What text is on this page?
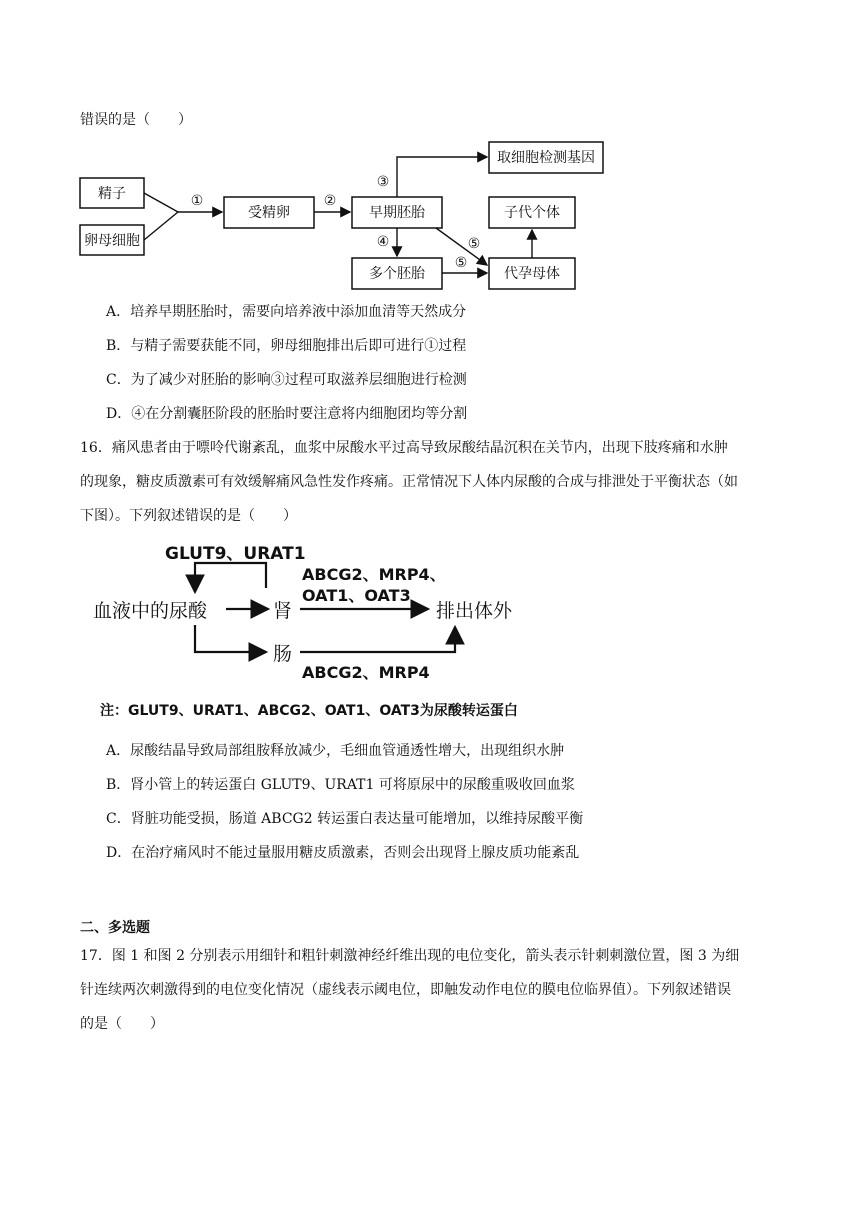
错误的是（　　）
精子
卵母细胞
受精卵	早期胚胎
取细胞检测基因
多个胚胎
子代个体
代孕母体
①	②
③
④	⑤
⑤
A．培养早期胚胎时，需要向培养液中添加血清等天然成分
B．与精子需要获能不同，卵母细胞排出后即可进行①过程
C．为了减少对胚胎的影响③过程可取滋养层细胞进行检测
D．④在分割囊胚阶段的胚胎时要注意将内细胞团均等分割
16．痛风患者由于嘌呤代谢紊乱，血浆中尿酸水平过高导致尿酸结晶沉积在关节内，出现下肢疼痛和水肿
的现象，糖皮质激素可有效缓解痛风急性发作疼痛。正常情况下人体内尿酸的合成与排泄处于平衡状态（如
下图）。下列叙述错误的是（　　）
GLUT9、URAT1
血液中的尿酸	肾
ABCG2、MRP4、
OAT1、OAT3
排出体外
肠
ABCG2、MRP4
注：GLUT9、URAT1、ABCG2、OAT1、OAT3为尿酸转运蛋白
A．尿酸结晶导致局部组胺释放减少，毛细血管通透性增大，出现组织水肿
B．肾小管上的转运蛋白 GLUT9、URAT1 可将原尿中的尿酸重吸收回血浆
C．肾脏功能受损，肠道 ABCG2 转运蛋白表达量可能增加，以维持尿酸平衡
D．在治疗痛风时不能过量服用糖皮质激素，否则会出现肾上腺皮质功能紊乱
二、多选题
17．图 1 和图 2 分别表示用细针和粗针刺激神经纤维出现的电位变化，箭头表示针刺刺激位置，图 3 为细
针连续两次刺激得到的电位变化情况（虚线表示阈电位，即触发动作电位的膜电位临界值）。下列叙述错误
的是（　　）
